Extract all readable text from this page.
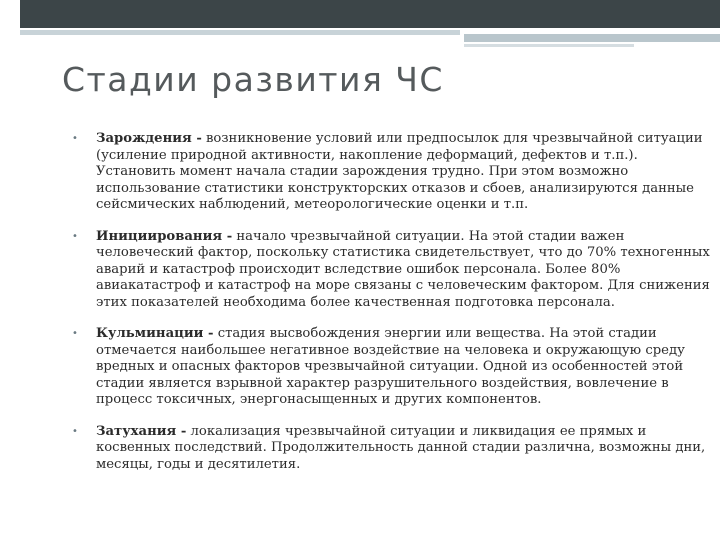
Стадии развития ЧС
• Зарождения - возникновение условий или предпосылок для чрезвычайной ситуации (усиление природной активности, накопление деформаций, дефектов и т.п.). Установить момент начала стадии зарождения трудно. При этом возможно использование статистики конструкторских отказов и сбоев, анализируются данные сейсмических наблюдений, метеорологические оценки и т.п.
• Инициирования - начало чрезвычайной ситуации. На этой стадии важен человеческий фактор, поскольку статистика свидетельствует, что до 70% техногенных аварий и катастроф происходит вследствие ошибок персонала. Более 80% авиакатастроф и катастроф на море связаны с человеческим фактором. Для снижения этих показателей необходима более качественная подготовка персонала.
• Кульминации - стадия высвобождения энергии или вещества. На этой стадии отмечается наибольшее негативное воздействие на человека и окружающую среду вредных и опасных факторов чрезвычайной ситуации. Одной из особенностей этой стадии является взрывной характер разрушительного воздействия, вовлечение в процесс токсичных, энергонасыщенных и других компонентов.
• Затухания - локализация чрезвычайной ситуации и ликвидация ее прямых и косвенных последствий. Продолжительность данной стадии различна, возможны дни, месяцы, годы и десятилетия.
